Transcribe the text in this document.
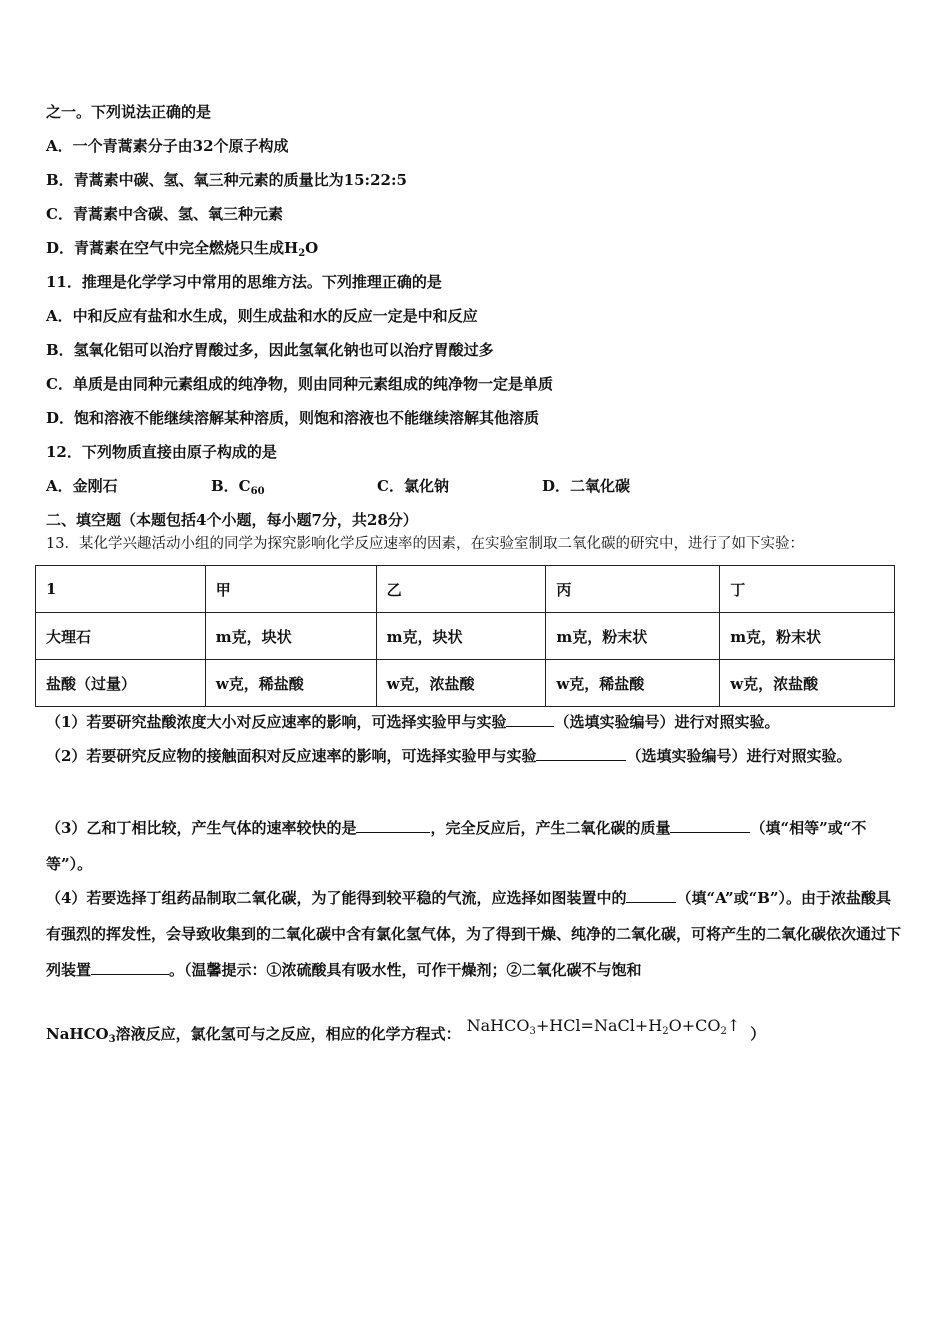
之一。下列说法正确的是
A．一个青蒿素分子由32个原子构成
B．青蒿素中碳、氢、氧三种元素的质量比为15:22:5
C．青蒿素中含碳、氢、氧三种元素
D．青蒿素在空气中完全燃烧只生成$H_2O$
11．推理是化学学习中常用的思维方法。下列推理正确的是
A．中和反应有盐和水生成，则生成盐和水的反应一定是中和反应
B．氢氧化铝可以治疗胃酸过多，因此氢氧化钠也可以治疗胃酸过多
C．单质是由同种元素组成的纯净物，则由同种元素组成的纯净物一定是单质
D．饱和溶液不能继续溶解某种溶质，则饱和溶液也不能继续溶解其他溶质
12．下列物质直接由原子构成的是
A．金刚石	B．$C_{60}$	C．氯化钠	D．二氧化碳
二、填空题（本题包括4个小题，每小题7分，共28分）
13．某化学兴趣活动小组的同学为探究影响化学反应速率的因素，在实验室制取二氧化碳的研究中，进行了如下实验：
1	甲	乙	丙	丁
大理石	m克，块状	m克，块状	m克，粉末状	m克，粉末状
盐酸（过量）	w克，稀盐酸	w克，浓盐酸	w克，稀盐酸	w克，浓盐酸
（1）若要研究盐酸浓度大小对反应速率的影响，可选择实验甲与实验	（选填实验编号）进行对照实验。
（2）若要研究反应物的接触面积对反应速率的影响，可选择实验甲与实验	（选填实验编号）进行对照实验。
（3）乙和丁相比较，产生气体的速率较快的是	，完全反应后，产生二氧化碳的质量	（填“相等”或“不等”）。
（4）若要选择丁组药品制取二氧化碳，为了能得到较平稳的气流，应选择如图装置中的	（填“A”或“B”）。由于浓盐酸具有强烈的挥发性，会导致收集到的二氧化碳中含有氯化氢气体，为了得到干燥、纯净的二氧化碳，可将产生的二氧化碳依次通过下列装置	。（温馨提示：①浓硫酸具有吸水性，可作干燥剂；②二氧化碳不与饱和
NaHCO$_3$溶液反应，氯化氢可与之反应，相应的化学方程式： $NaHCO_3+HCl=NaCl+H_2O+CO_2↑$ ）
